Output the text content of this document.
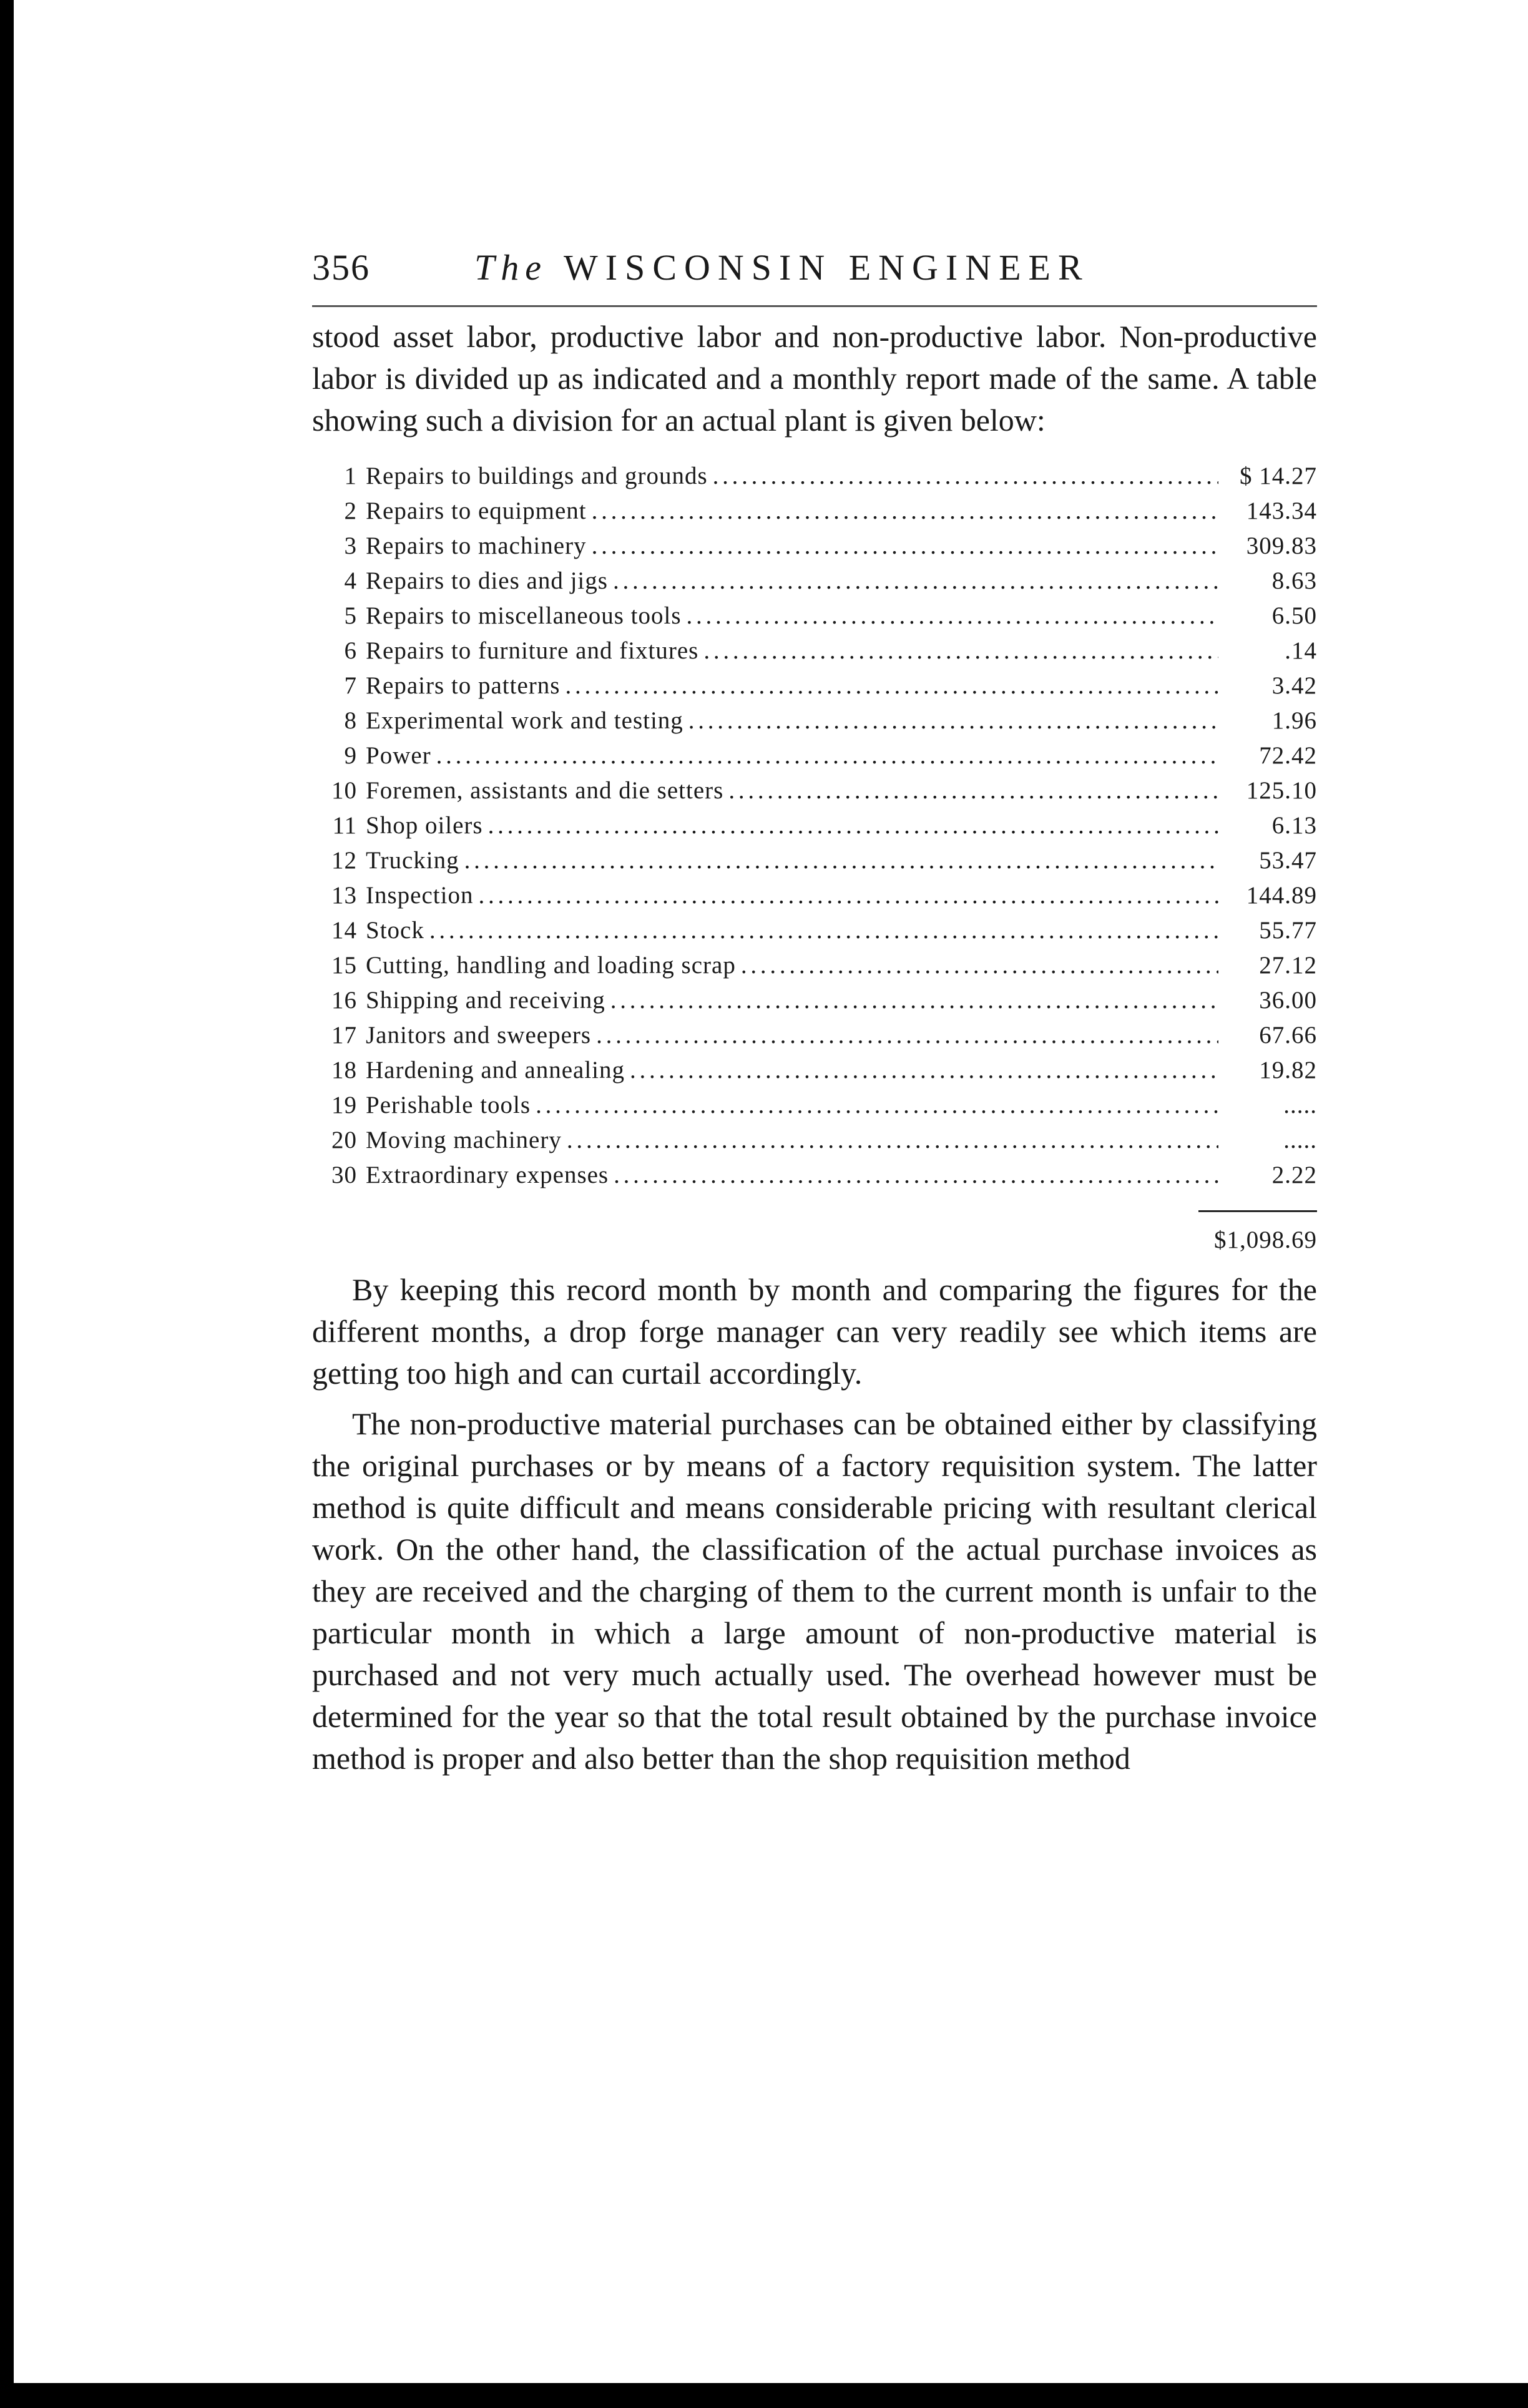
356	The WISCONSIN ENGINEER

stood asset labor, productive labor and non-productive labor. Non-productive labor is divided up as indicated and a monthly report made of the same. A table showing such a division for an actual plant is given below:

1 Repairs to buildings and grounds . . .	$ 14.27
2 Repairs to equipment . . .	143.34
3 Repairs to machinery . . .	309.83
4 Repairs to dies and jigs . . .	8.63
5 Repairs to miscellaneous tools . . .	6.50
6 Repairs to furniture and fixtures . . .	.14
7 Repairs to patterns . . .	3.42
8 Experimental work and testing . . .	1.96
9 Power . . .	72.42
10 Foremen, assistants and die setters . . .	125.10
11 Shop oilers . . .	6.13
12 Trucking . . .	53.47
13 Inspection . . .	144.89
14 Stock . . .	55.77
15 Cutting, handling and loading scrap . . .	27.12
16 Shipping and receiving . . .	36.00
17 Janitors and sweepers . . .	67.66
18 Hardening and annealing . . .	19.82
19 Perishable tools . . .	.....
20 Moving machinery . . .	.....
30 Extraordinary expenses . . .	2.22
$1,098.69

By keeping this record month by month and comparing the figures for the different months, a drop forge manager can very readily see which items are getting too high and can curtail accordingly.

The non-productive material purchases can be obtained either by classifying the original purchases or by means of a factory requisition system. The latter method is quite difficult and means considerable pricing with resultant clerical work. On the other hand, the classification of the actual purchase invoices as they are received and the charging of them to the current month is unfair to the particular month in which a large amount of non-productive material is purchased and not very much actually used. The overhead however must be determined for the year so that the total result obtained by the purchase invoice method is proper and also better than the shop requisition method
